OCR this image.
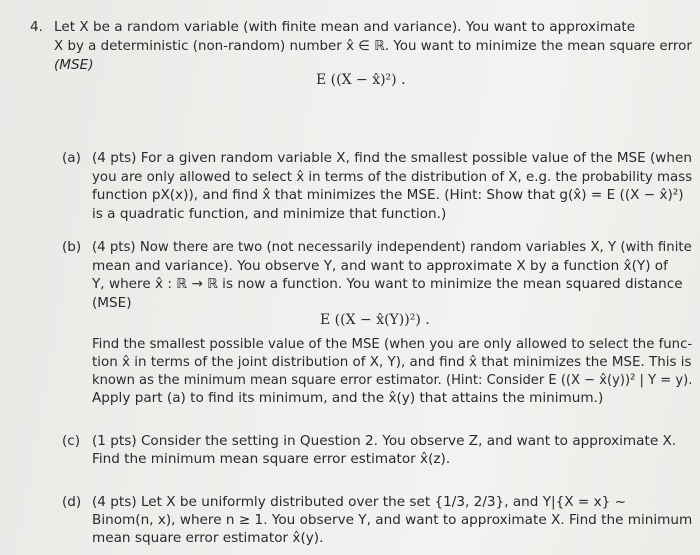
4. Let X be a random variable (with finite mean and variance). You want to approximate
X by a deterministic (non-random) number x̂ ∈ ℝ. You want to minimize the mean square error
(MSE)
E ((X − x̂)²) .
(a) (4 pts) For a given random variable X, find the smallest possible value of the MSE (when
you are only allowed to select x̂ in terms of the distribution of X, e.g. the probability mass
function pX(x)), and find x̂ that minimizes the MSE. (Hint: Show that g(x̂) = E ((X − x̂)²)
is a quadratic function, and minimize that function.)
(b) (4 pts) Now there are two (not necessarily independent) random variables X, Y (with finite
mean and variance). You observe Y, and want to approximate X by a function x̂(Y) of
Y, where x̂ : ℝ → ℝ is now a function. You want to minimize the mean squared distance
(MSE)
E ((X − x̂(Y))²) .
Find the smallest possible value of the MSE (when you are only allowed to select the func-
tion x̂ in terms of the joint distribution of X, Y), and find x̂ that minimizes the MSE. This is
known as the minimum mean square error estimator. (Hint: Consider E ((X − x̂(y))² | Y = y).
Apply part (a) to find its minimum, and the x̂(y) that attains the minimum.)
(c) (1 pts) Consider the setting in Question 2. You observe Z, and want to approximate X.
Find the minimum mean square error estimator x̂(z).
(d) (4 pts) Let X be uniformly distributed over the set {1/3, 2/3}, and Y|{X = x} ~
Binom(n, x), where n ≥ 1. You observe Y, and want to approximate X. Find the minimum
mean square error estimator x̂(y).
